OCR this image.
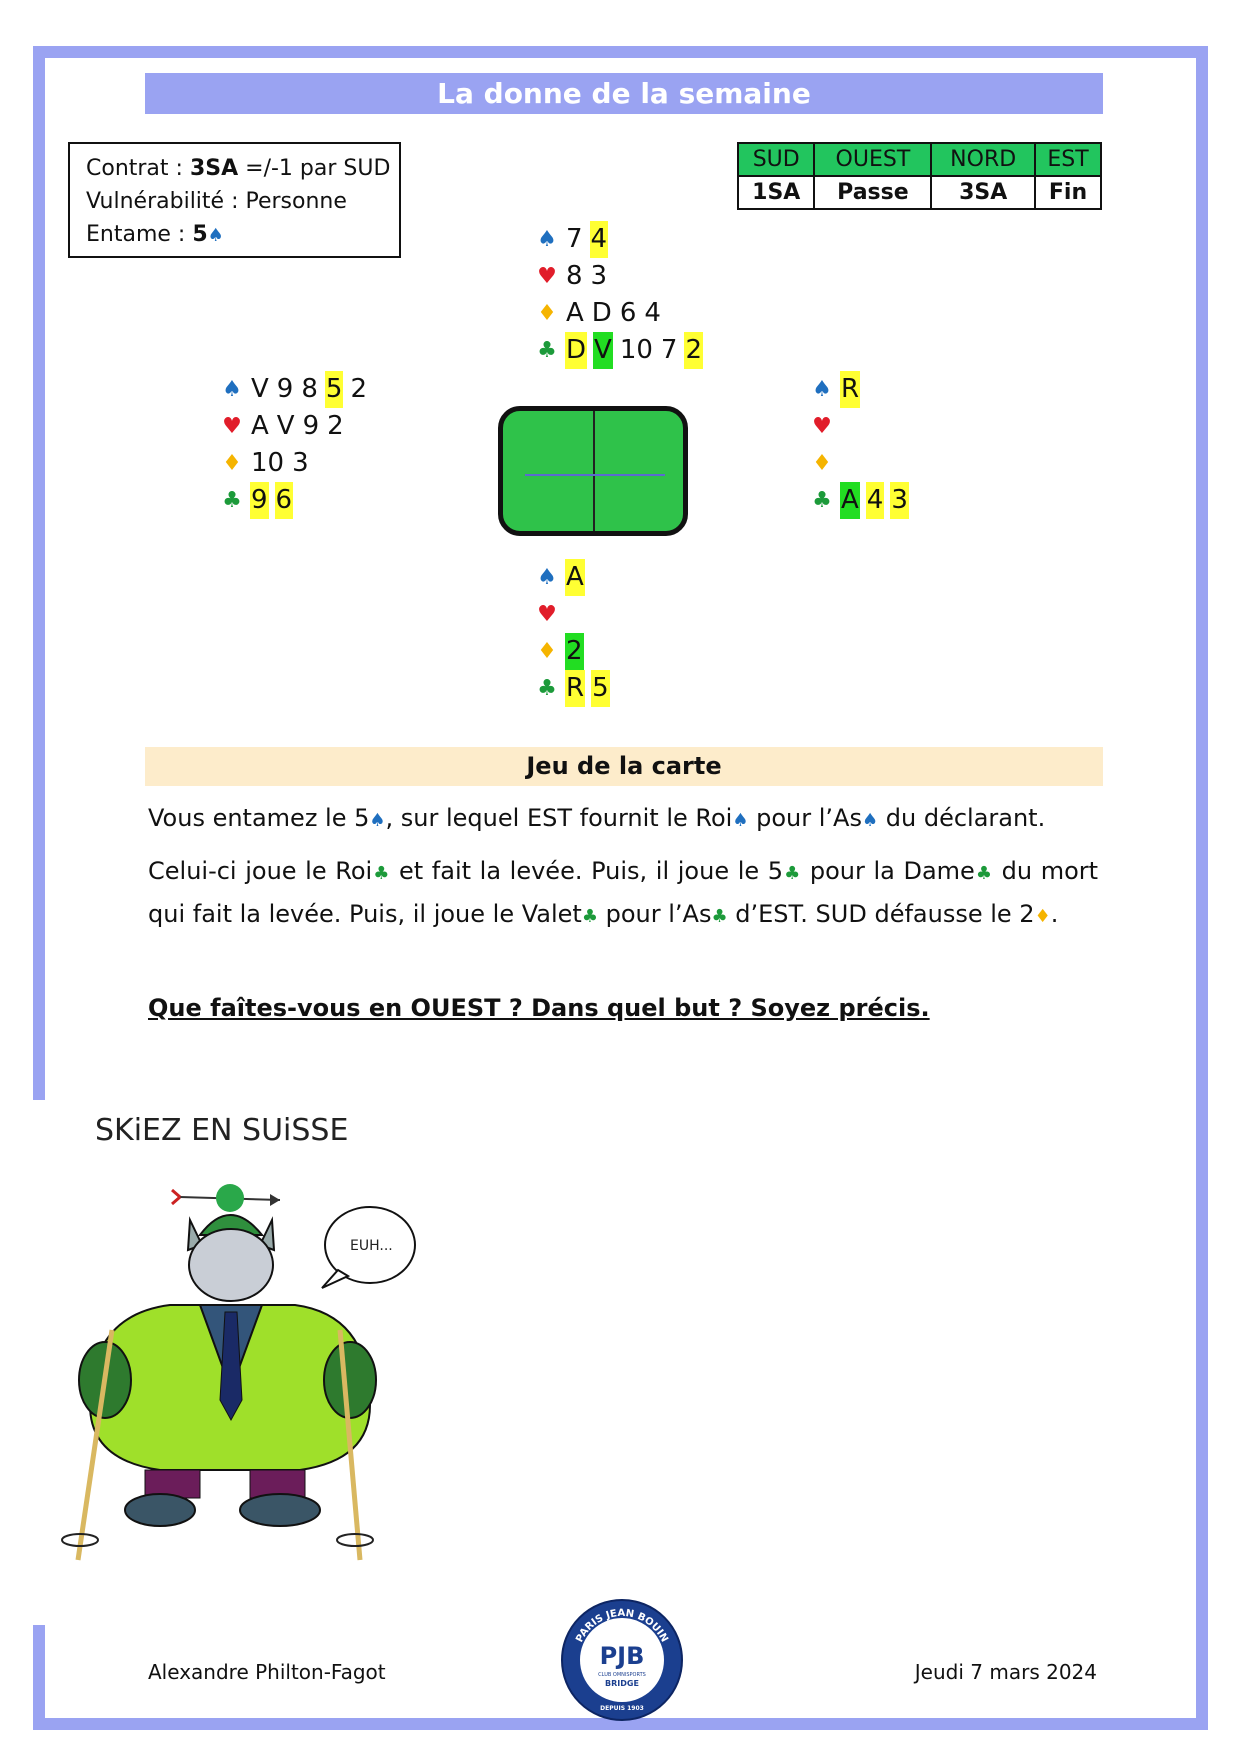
La donne de la semaine
Contrat : 3SA =/-1 par SUD
Vulnérabilité : Personne
Entame : 5♠
SUD	OUEST	NORD	EST
1SA	Passe	3SA	Fin
♠ 7 4
♥ 8 3
♦ A D 6 4
♣ D V 10 7 2
♠ V 9 8 5 2
♥ A V 9 2
♦ 10 3
♣ 9 6
♠ R
♥
♦
♣ A 4 3
♠ A
♥
♦ 2
♣ R 5
Jeu de la carte
Vous entamez le 5♠, sur lequel EST fournit le Roi♠ pour l’As♠ du déclarant.
Celui-ci joue le Roi♣ et fait la levée. Puis, il joue le 5♣ pour la Dame♣ du mort qui fait la levée. Puis, il joue le Valet♣ pour l’As♣ d’EST. SUD défausse le 2♦.
Que faîtes-vous en OUEST ? Dans quel but ? Soyez précis.
SKiEZ EN SUiSSE
EUH...
Alexandre Philton-Fagot	Jeudi 7 mars 2024
PARIS JEAN BOUIN
PJB
CLUB OMNISPORTS
BRIDGE
DEPUIS 1903
